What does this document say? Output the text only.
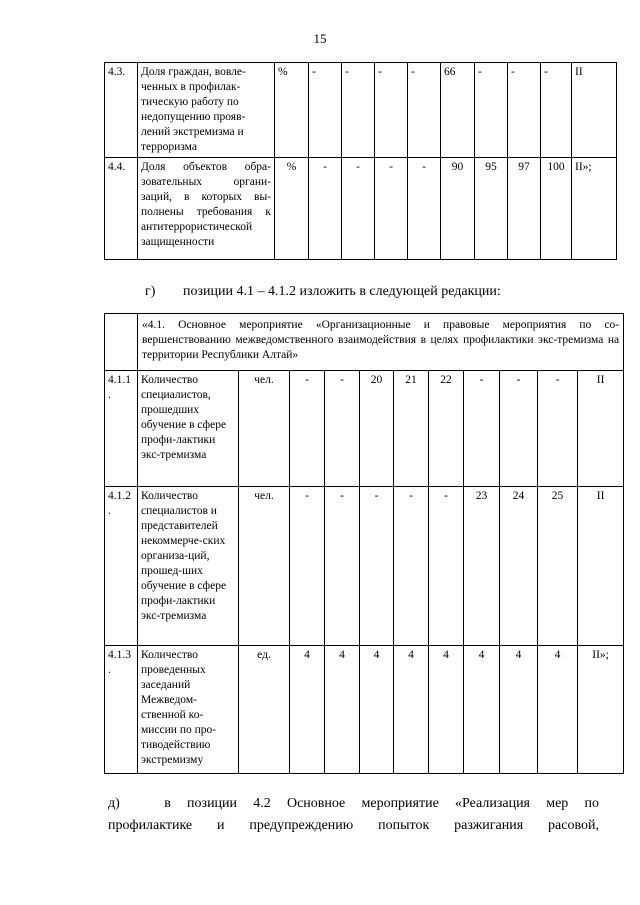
15
4.3.	Доля граждан, вовле-ченных в профилак-тическую работу по недопущению прояв-лений экстремизма и терроризма	%	-	-	-	-	66	-	-	-	II
4.4.	Доля объектов обра-зовательных органи-заций, в которых вы-полнены требования к антитеррористической защищенности	%	-	-	-	-	90	95	97	100	II»;
г) позиции 4.1 – 4.1.2 изложить в следующей редакции:
	«4.1. Основное мероприятие «Организационные и правовые мероприятия по со-вершенствованию межведомственного взаимодействия в целях профилактики экс-тремизма на территории Республики Алтай»										
4.1.1 .	Количество специалистов, прошедших обучение в сфере профи-лактики экс-тремизма	чел.	-	-	20	21	22	-	-	-	II
4.1.2 .	Количество специалистов и представителей некоммерче-ских организа-ций, прошед-ших обучение в сфере профи-лактики экс-тремизма	чел.	-	-	-	-	-	23	24	25	II
4.1.3 .	Количество проведенных заседаний Межведом-ственной ко-миссии по про-тиводействию экстремизму	ед.	4	4	4	4	4	4	4	4	II»;
д)	в позиции 4.2 Основное мероприятие «Реализация мер по
профилактике и предупреждению попыток разжигания расовой,
